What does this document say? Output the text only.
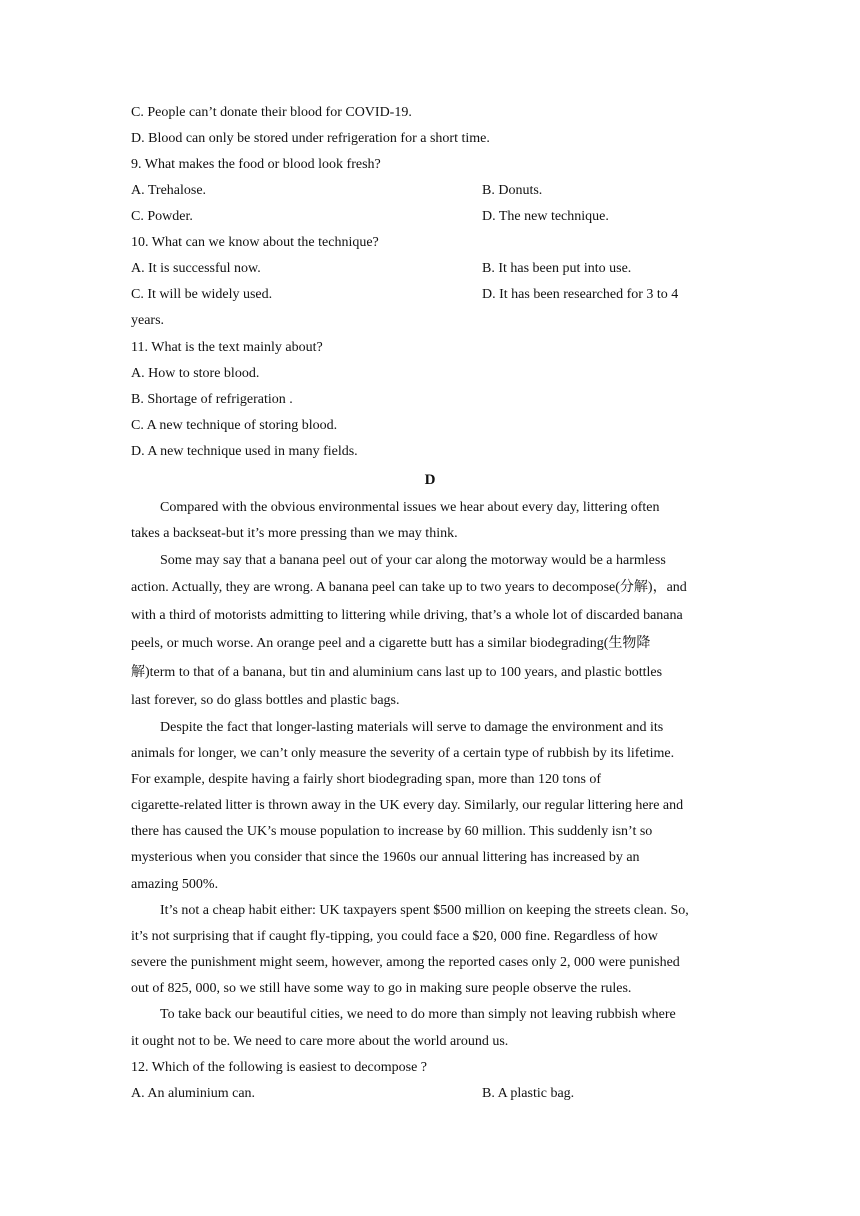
C. People can’t donate their blood for COVID-19.
D. Blood can only be stored under refrigeration for a short time.
9. What makes the food or blood look fresh?
A. Trehalose.	B. Donuts.
C. Powder.	D. The new technique.
10. What can we know about the technique?
A. It is successful now.	B. It has been put into use.
C. It will be widely used.	D. It has been researched for 3 to 4
years.
11. What is the text mainly about?
A. How to store blood.
B. Shortage of refrigeration .
C. A new technique of storing blood.
D. A new technique used in many fields.
D
Compared with the obvious environmental issues we hear about every day, littering often
takes a backseat-but it’s more pressing than we may think.
Some may say that a banana peel out of your car along the motorway would be a harmless
action. Actually, they are wrong. A banana peel can take up to two years to decompose(分解)，and
with a third of motorists admitting to littering while driving, that’s a whole lot of discarded banana
peels, or much worse. An orange peel and a cigarette butt has a similar biodegrading(生物降
解)term to that of a banana, but tin and aluminium cans last up to 100 years, and plastic bottles
last forever, so do glass bottles and plastic bags.
Despite the fact that longer-lasting materials will serve to damage the environment and its
animals for longer, we can’t only measure the severity of a certain type of rubbish by its lifetime.
For example, despite having a fairly short biodegrading span, more than 120 tons of
cigarette-related litter is thrown away in the UK every day. Similarly, our regular littering here and
there has caused the UK’s mouse population to increase by 60 million. This suddenly isn’t so
mysterious when you consider that since the 1960s our annual littering has increased by an
amazing 500%.
It’s not a cheap habit either: UK taxpayers spent $500 million on keeping the streets clean. So,
it’s not surprising that if caught fly-tipping, you could face a $20, 000 fine. Regardless of how
severe the punishment might seem, however, among the reported cases only 2, 000 were punished
out of 825, 000, so we still have some way to go in making sure people observe the rules.
To take back our beautiful cities, we need to do more than simply not leaving rubbish where
it ought not to be. We need to care more about the world around us.
12. Which of the following is easiest to decompose ?
A. An aluminium can.	B. A plastic bag.
